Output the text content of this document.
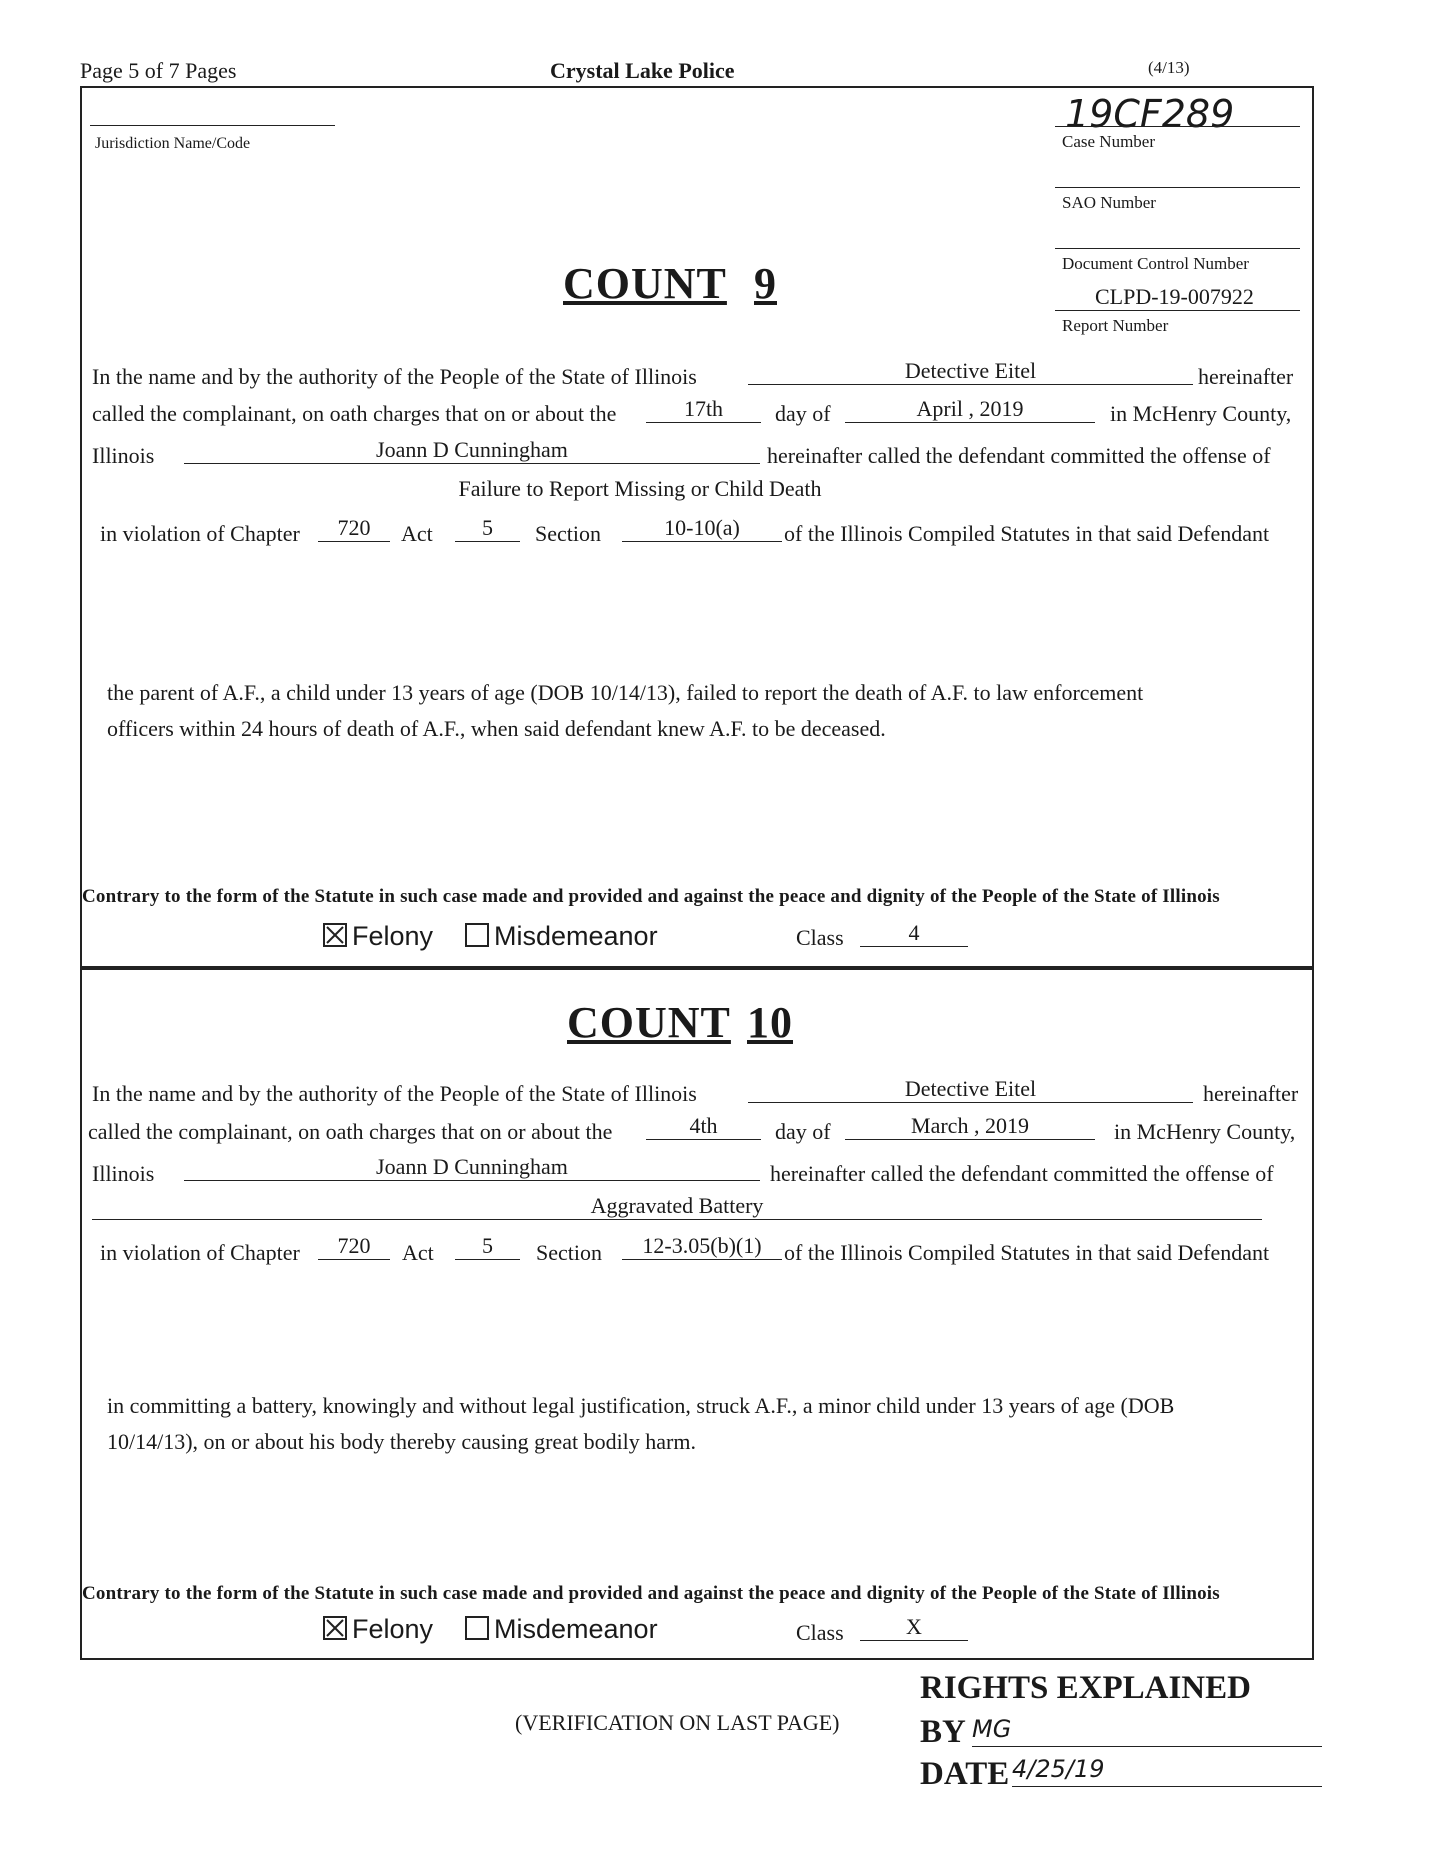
Page 5 of 7 Pages	Crystal Lake Police	(4/13)
Jurisdiction Name/Code
19CF289
Case Number
SAO Number
Document Control Number
CLPD-19-007922
Report Number
COUNT 9
In the name and by the authority of the People of the State of Illinois	Detective Eitel	hereinafter
called the complainant, on oath charges that on or about the	17th	day of	April , 2019	in McHenry County,
Illinois	Joann D Cunningham	hereinafter called the defendant committed the offense of
Failure to Report Missing or Child Death
in violation of Chapter	720	Act	5	Section	10-10(a)	of the Illinois Compiled Statutes in that said Defendant
the parent of A.F., a child under 13 years of age (DOB 10/14/13), failed to report the death of A.F. to law enforcement
officers within 24 hours of death of A.F., when said defendant knew A.F. to be deceased.
Contrary to the form of the Statute in such case made and provided and against the peace and dignity of the People of the State of Illinois
Felony	Misdemeanor	Class	4
COUNT 10
In the name and by the authority of the People of the State of Illinois	Detective Eitel	hereinafter
called the complainant, on oath charges that on or about the	4th	day of	March , 2019	in McHenry County,
Illinois	Joann D Cunningham	hereinafter called the defendant committed the offense of
Aggravated Battery
in violation of Chapter	720	Act	5	Section	12-3.05(b)(1)	of the Illinois Compiled Statutes in that said Defendant
in committing a battery, knowingly and without legal justification, struck A.F., a minor child under 13 years of age (DOB
10/14/13), on or about his body thereby causing great bodily harm.
Contrary to the form of the Statute in such case made and provided and against the peace and dignity of the People of the State of Illinois
Felony	Misdemeanor	Class	X
(VERIFICATION ON LAST PAGE)
RIGHTS EXPLAINED
BY MG
DATE 4/25/19
